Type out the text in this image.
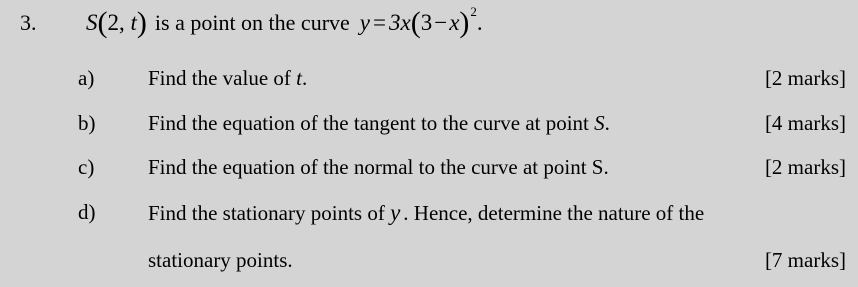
3. S(2, t) is a point on the curve $y = 3x(3-x)^2$.
a)	Find the value of t.	[2 marks]
b)	Find the equation of the tangent to the curve at point S.	[4 marks]
c)	Find the equation of the normal to the curve at point S.	[2 marks]
d)	Find the stationary points of y . Hence, determine the nature of the
stationary points.	[7 marks]
